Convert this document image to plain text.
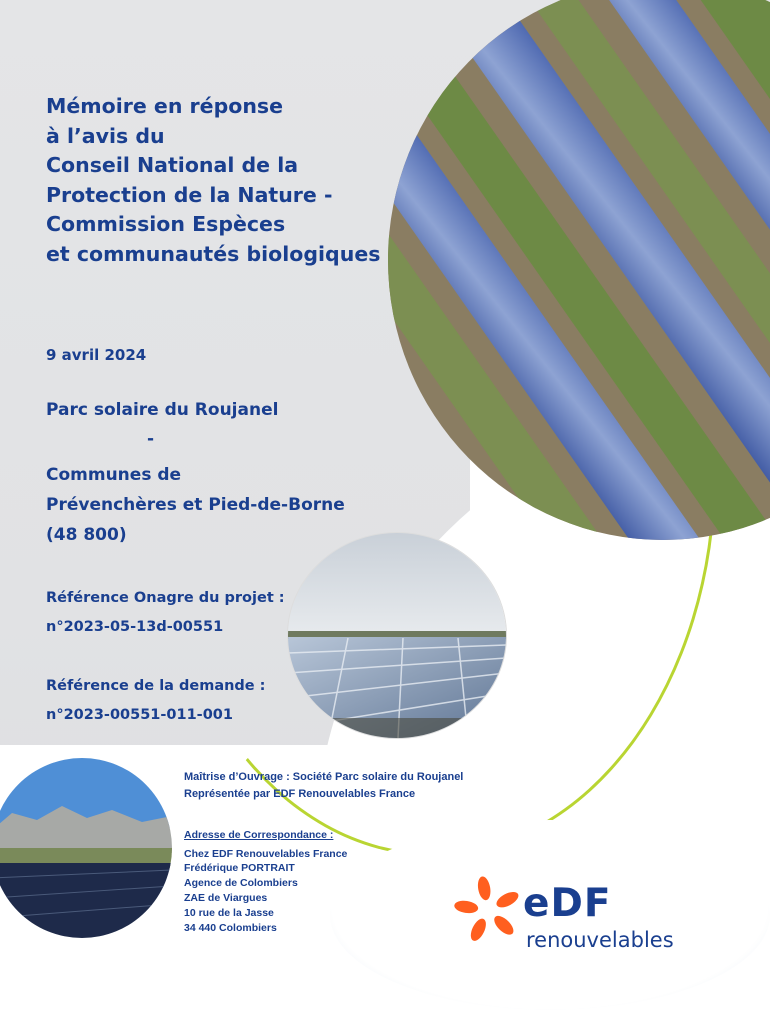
Mémoire en réponse
à l’avis du
Conseil National de la
Protection de la Nature -
Commission Espèces
et communautés biologiques
9 avril 2024
Parc solaire du Roujanel
-
Communes de
Prévenchères et Pied-de-Borne
(48 800)
Référence Onagre du projet :
n°2023-05-13d-00551
Référence de la demande :
n°2023-00551-011-001
Maîtrise d’Ouvrage : Société Parc solaire du Roujanel
Représentée par EDF Renouvelables France
Adresse de Correspondance :
Chez EDF Renouvelables France
Frédérique PORTRAIT
Agence de Colombiers
ZAE de Viargues
10 rue de la Jasse
34 440 Colombiers
eDF
renouvelables
